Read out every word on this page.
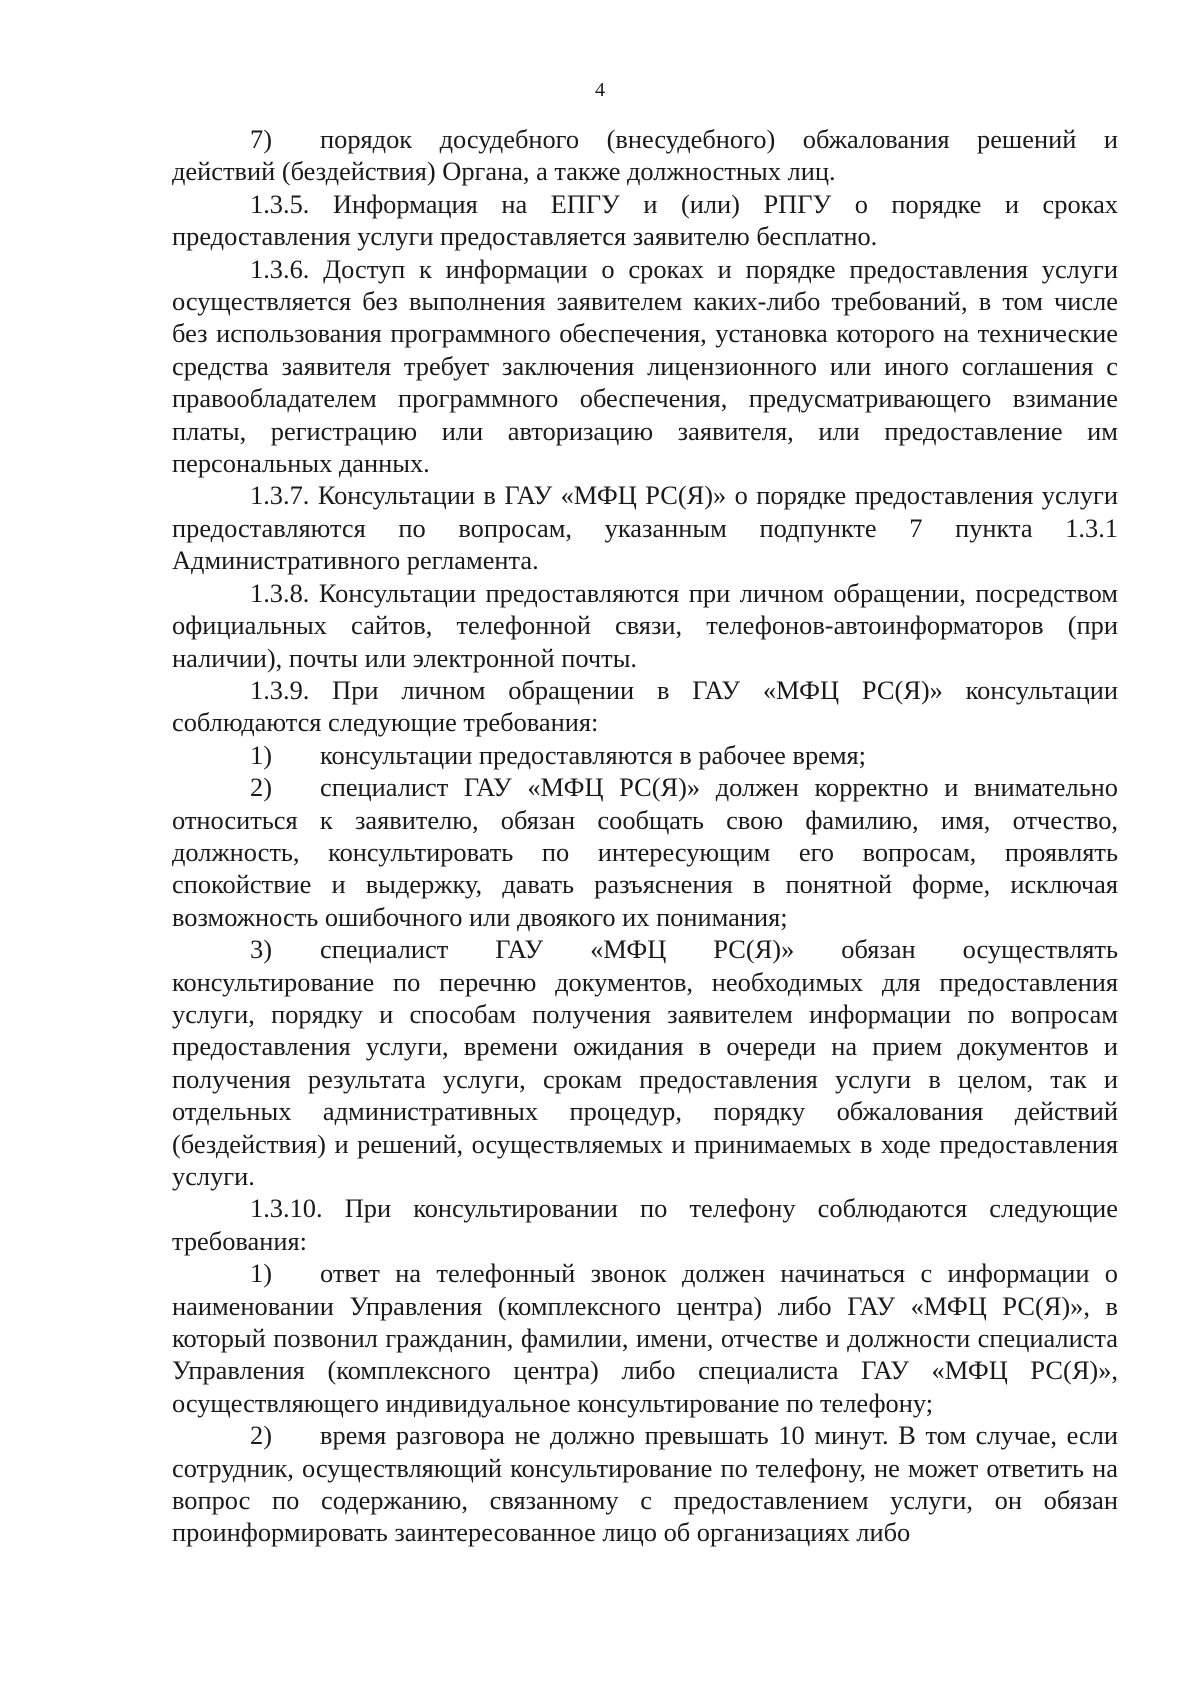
4

7) порядок досудебного (внесудебного) обжалования решений и действий (бездействия) Органа, а также должностных лиц.

1.3.5. Информация на ЕПГУ и (или) РПГУ о порядке и сроках предоставления услуги предоставляется заявителю бесплатно.

1.3.6. Доступ к информации о сроках и порядке предоставления услуги осуществляется без выполнения заявителем каких-либо требований, в том числе без использования программного обеспечения, установка которого на технические средства заявителя требует заключения лицензионного или иного соглашения с правообладателем программного обеспечения, предусматривающего взимание платы, регистрацию или авторизацию заявителя, или предоставление им персональных данных.

1.3.7. Консультации в ГАУ «МФЦ РС(Я)» о порядке предоставления услуги предоставляются по вопросам, указанным подпункте 7 пункта 1.3.1 Административного регламента.

1.3.8. Консультации предоставляются при личном обращении, посредством официальных сайтов, телефонной связи, телефонов-автоинформаторов (при наличии), почты или электронной почты.

1.3.9. При личном обращении в ГАУ «МФЦ РС(Я)» консультации соблюдаются следующие требования:

1) консультации предоставляются в рабочее время;

2) специалист ГАУ «МФЦ РС(Я)» должен корректно и внимательно относиться к заявителю, обязан сообщать свою фамилию, имя, отчество, должность, консультировать по интересующим его вопросам, проявлять спокойствие и выдержку, давать разъяснения в понятной форме, исключая возможность ошибочного или двоякого их понимания;

3) специалист ГАУ «МФЦ РС(Я)» обязан осуществлять консультирование по перечню документов, необходимых для предоставления услуги, порядку и способам получения заявителем информации по вопросам предоставления услуги, времени ожидания в очереди на прием документов и получения результата услуги, срокам предоставления услуги в целом, так и отдельных административных процедур, порядку обжалования действий (бездействия) и решений, осуществляемых и принимаемых в ходе предоставления услуги.

1.3.10. При консультировании по телефону соблюдаются следующие требования:

1) ответ на телефонный звонок должен начинаться с информации о наименовании Управления (комплексного центра) либо ГАУ «МФЦ РС(Я)», в который позвонил гражданин, фамилии, имени, отчестве и должности специалиста Управления (комплексного центра) либо специалиста ГАУ «МФЦ РС(Я)», осуществляющего индивидуальное консультирование по телефону;

2) время разговора не должно превышать 10 минут. В том случае, если сотрудник, осуществляющий консультирование по телефону, не может ответить на вопрос по содержанию, связанному с предоставлением услуги, он обязан проинформировать заинтересованное лицо об организациях либо
